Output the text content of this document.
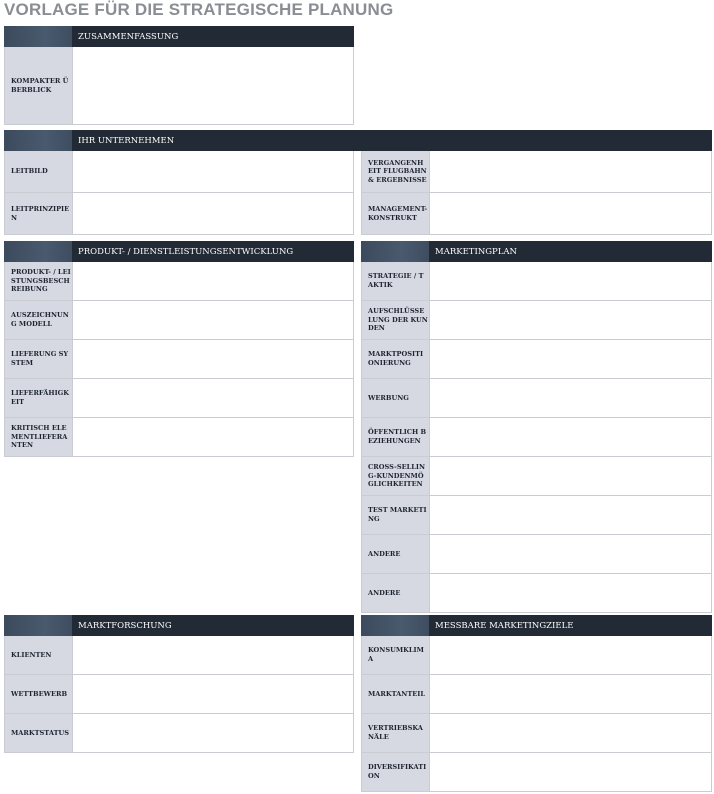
VORLAGE FÜR DIE STRATEGISCHE PLANUNG
ZUSAMMENFASSUNG
KOMPAKTER ÜBERBLICK
IHR UNTERNEHMEN
LEITBILD
LEITPRINZIPIEN
VERGANGENHEIT FLUGBAHN & ERGEBNISSE
MANAGEMENT-KONSTRUKT
PRODUKT- / DIENSTLEISTUNGSENTWICKLUNG
PRODUKT- / LEISTUNGSBESCHREIBUNG
AUSZEICHNUNG MODELL
LIEFERUNG SYSTEM
LIEFERFÄHIGKEIT
KRITISCH ELEMENTLIEFERANTEN
MARKETINGPLAN
STRATEGIE / TAKTIK
AUFSCHLÜSSELUNG DER KUNDEN
MARKTPOSITIONIERUNG
WERBUNG
ÖFFENTLICH BEZIEHUNGEN
CROSS-SELLING-KUNDENMÖGLICHKEITEN
TEST MARKETING
ANDERE
ANDERE
MARKTFORSCHUNG
KLIENTEN
WETTBEWERB
MARKTSTATUS
MESSBARE MARKETINGZIELE
KONSUMKLIMA
MARKTANTEIL
VERTRIEBSKANÄLE
DIVERSIFIKATION
